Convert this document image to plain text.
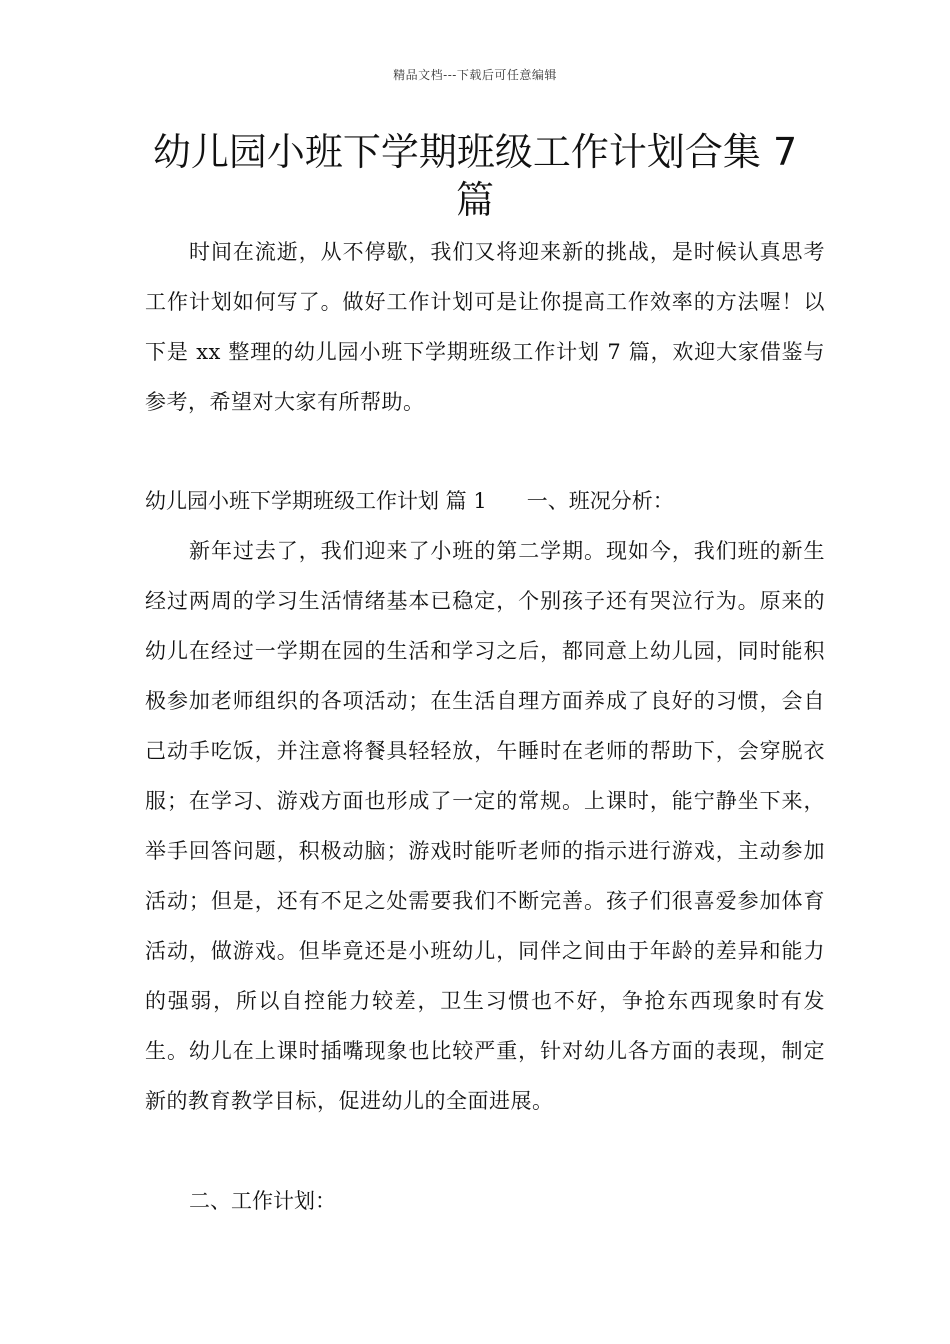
精品文档---下载后可任意编辑
幼儿园小班下学期班级工作计划合集 7
篇

时间在流逝，从不停歇，我们又将迎来新的挑战，是时候认真思考工作计划如何写了。做好工作计划可是让你提高工作效率的方法喔！以下是 xx 整理的幼儿园小班下学期班级工作计划 7 篇，欢迎大家借鉴与参考，希望对大家有所帮助。

幼儿园小班下学期班级工作计划 篇 1 一、班况分析：

新年过去了，我们迎来了小班的第二学期。现如今，我们班的新生经过两周的学习生活情绪基本已稳定，个别孩子还有哭泣行为。原来的幼儿在经过一学期在园的生活和学习之后，都同意上幼儿园，同时能积极参加老师组织的各项活动；在生活自理方面养成了良好的习惯，会自己动手吃饭，并注意将餐具轻轻放，午睡时在老师的帮助下，会穿脱衣服；在学习、游戏方面也形成了一定的常规。上课时，能宁静坐下来，举手回答问题，积极动脑；游戏时能听老师的指示进行游戏，主动参加活动；但是，还有不足之处需要我们不断完善。孩子们很喜爱参加体育活动，做游戏。但毕竟还是小班幼儿，同伴之间由于年龄的差异和能力的强弱，所以自控能力较差，卫生习惯也不好，争抢东西现象时有发生。幼儿在上课时插嘴现象也比较严重，针对幼儿各方面的表现，制定新的教育教学目标，促进幼儿的全面进展。

二、工作计划：
